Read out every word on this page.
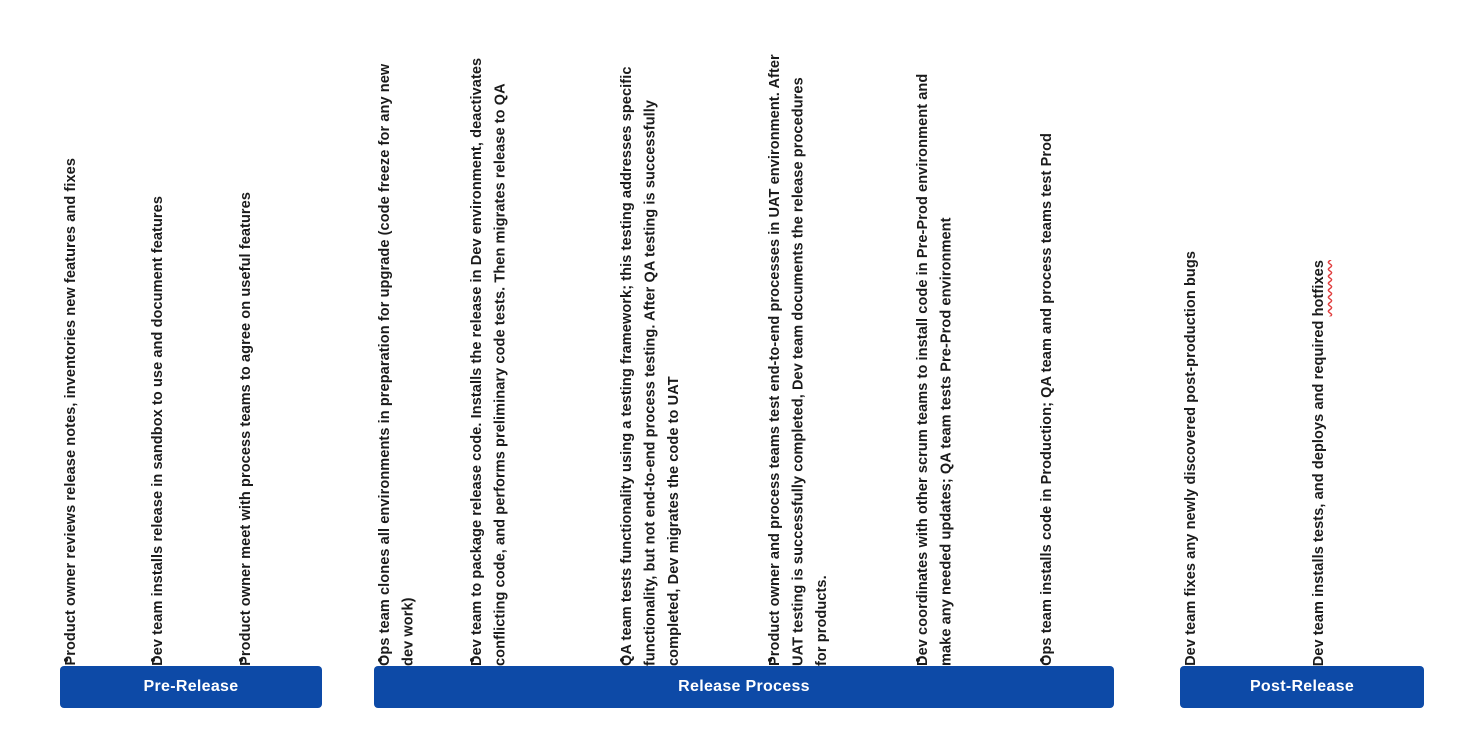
Product owner reviews release notes, inventories new features and fixes	Dev team installs release in sandbox to use and document features	Product owner meet with process teams to agree on useful features
Pre-Release
Ops team clones all environments in preparation for upgrade (code freeze for any new dev work)	Dev team to package release code. Installs the release in Dev environment, deactivates conflicting code, and performs preliminary code tests. Then migrates release to QA	QA team tests functionality using a testing framework; this testing addresses specific functionality, but not end-to-end process testing. After QA testing is successfully completed, Dev migrates the code to UAT	Product owner and process teams test end-to-end processes in UAT environment. After UAT testing is successfully completed, Dev team documents the release procedures for products.	Dev coordinates with other scrum teams to install code in Pre-Prod environment and make any needed updates; QA team tests Pre-Prod environment	Ops team installs code in Production; QA team and process teams test Prod
Release Process
Dev team fixes any newly discovered post-production bugs	Dev team installs tests, and deploys and required hotfixes
Post-Release
